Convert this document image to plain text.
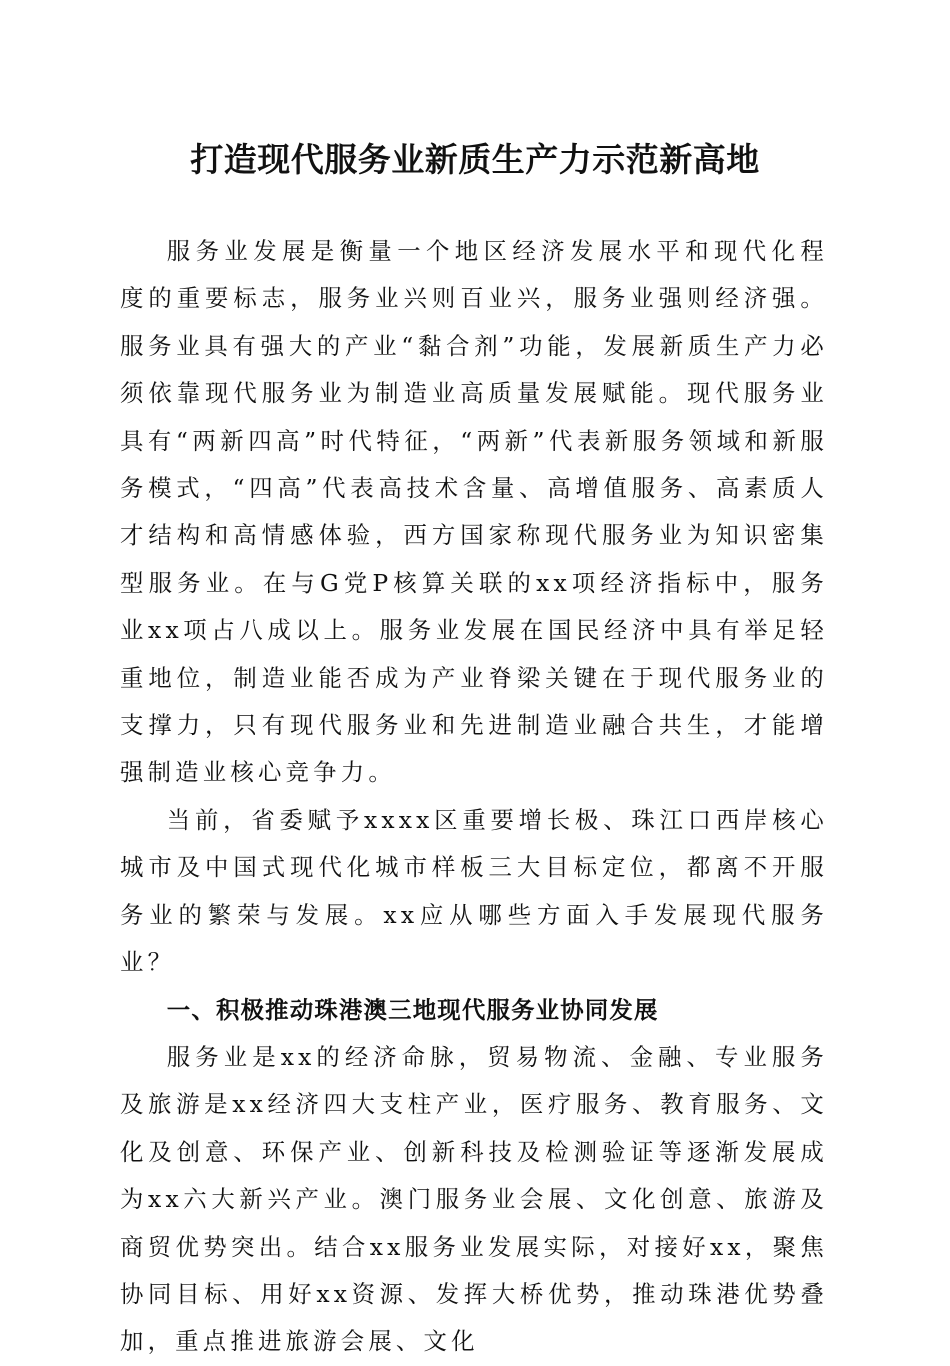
打造现代服务业新质生产力示范新高地

服务业发展是衡量一个地区经济发展水平和现代化程度的重要标志，服务业兴则百业兴，服务业强则经济强。服务业具有强大的产业“黏合剂”功能，发展新质生产力必须依靠现代服务业为制造业高质量发展赋能。现代服务业具有“两新四高”时代特征，“两新”代表新服务领域和新服务模式，“四高”代表高技术含量、高增值服务、高素质人才结构和高情感体验，西方国家称现代服务业为知识密集型服务业。在与G党P核算关联的xx项经济指标中，服务业xx项占八成以上。服务业发展在国民经济中具有举足轻重地位，制造业能否成为产业脊梁关键在于现代服务业的支撑力，只有现代服务业和先进制造业融合共生，才能增强制造业核心竞争力。

当前，省委赋予xxxx区重要增长极、珠江口西岸核心城市及中国式现代化城市样板三大目标定位，都离不开服务业的繁荣与发展。xx应从哪些方面入手发展现代服务业？

一、积极推动珠港澳三地现代服务业协同发展

服务业是xx的经济命脉，贸易物流、金融、专业服务及旅游是xx经济四大支柱产业，医疗服务、教育服务、文化及创意、环保产业、创新科技及检测验证等逐渐发展成为xx六大新兴产业。澳门服务业会展、文化创意、旅游及商贸优势突出。结合xx服务业发展实际，对接好xx，聚焦协同目标、用好xx资源、发挥大桥优势，推动珠港优势叠加，重点推进旅游会展、文化
